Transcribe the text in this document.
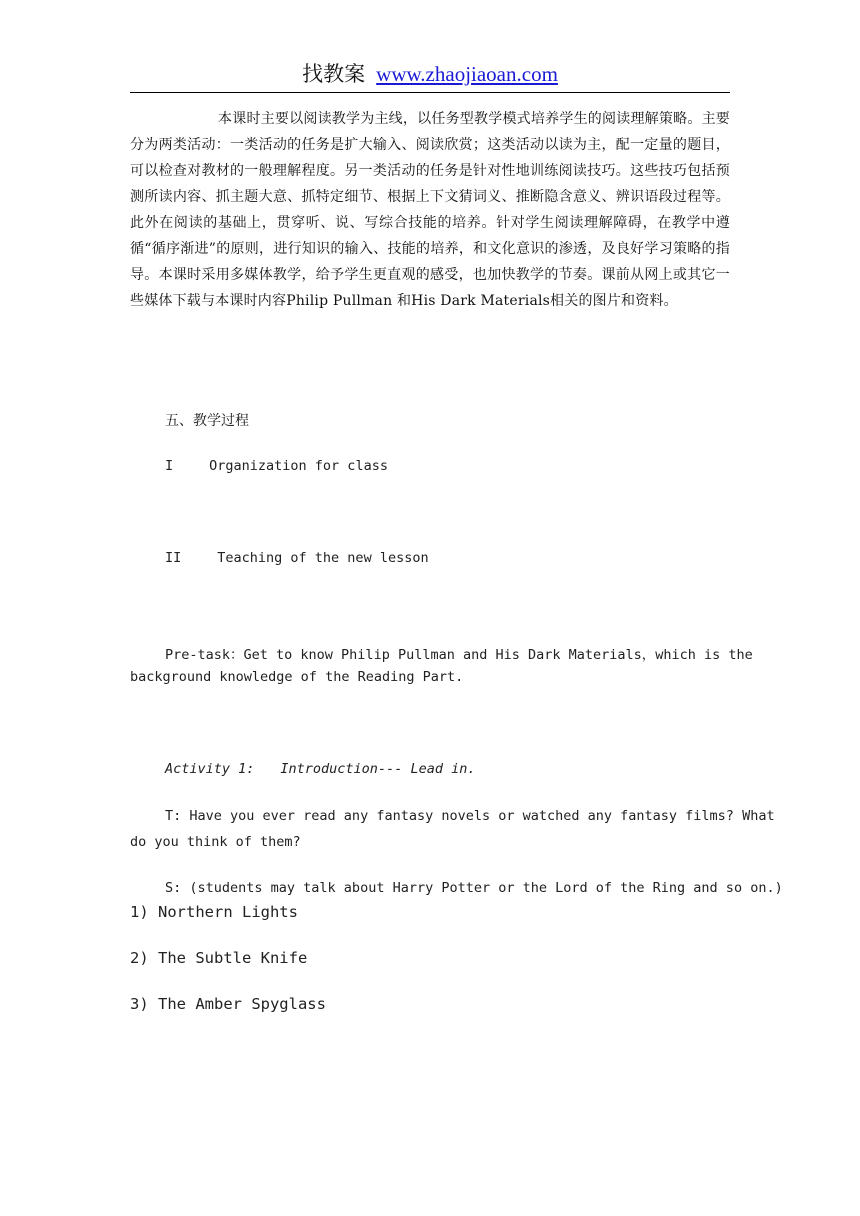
找教案 www.zhaojiaoan.com

本课时主要以阅读教学为主线，以任务型教学模式培养学生的阅读理解策略。主要分为两类活动：一类活动的任务是扩大输入、阅读欣赏；这类活动以读为主，配一定量的题目，可以检查对教材的一般理解程度。另一类活动的任务是针对性地训练阅读技巧。这些技巧包括预测所读内容、抓主题大意、抓特定细节、根据上下文猜词义、推断隐含意义、辨识语段过程等。此外在阅读的基础上，贯穿听、说、写综合技能的培养。针对学生阅读理解障碍，在教学中遵循“循序渐进”的原则，进行知识的输入、技能的培养，和文化意识的渗透，及良好学习策略的指导。本课时采用多媒体教学，给予学生更直观的感受，也加快教学的节奏。课前从网上或其它一些媒体下载与本课时内容Philip Pullman 和His Dark Materials相关的图片和资料。

五、教学过程

I	Organization for class

II	Teaching of the new lesson

Pre-task：Get to know Philip Pullman and His Dark Materials，which is the

background knowledge of the Reading Part.

Activity 1: Introduction--- Lead in.

T: Have you ever read any fantasy novels or watched any fantasy films? What

do you think of them?

S: (students may talk about Harry Potter or the Lord of the Ring and so on.)

1) Northern Lights

2) The Subtle Knife

3) The Amber Spyglass
